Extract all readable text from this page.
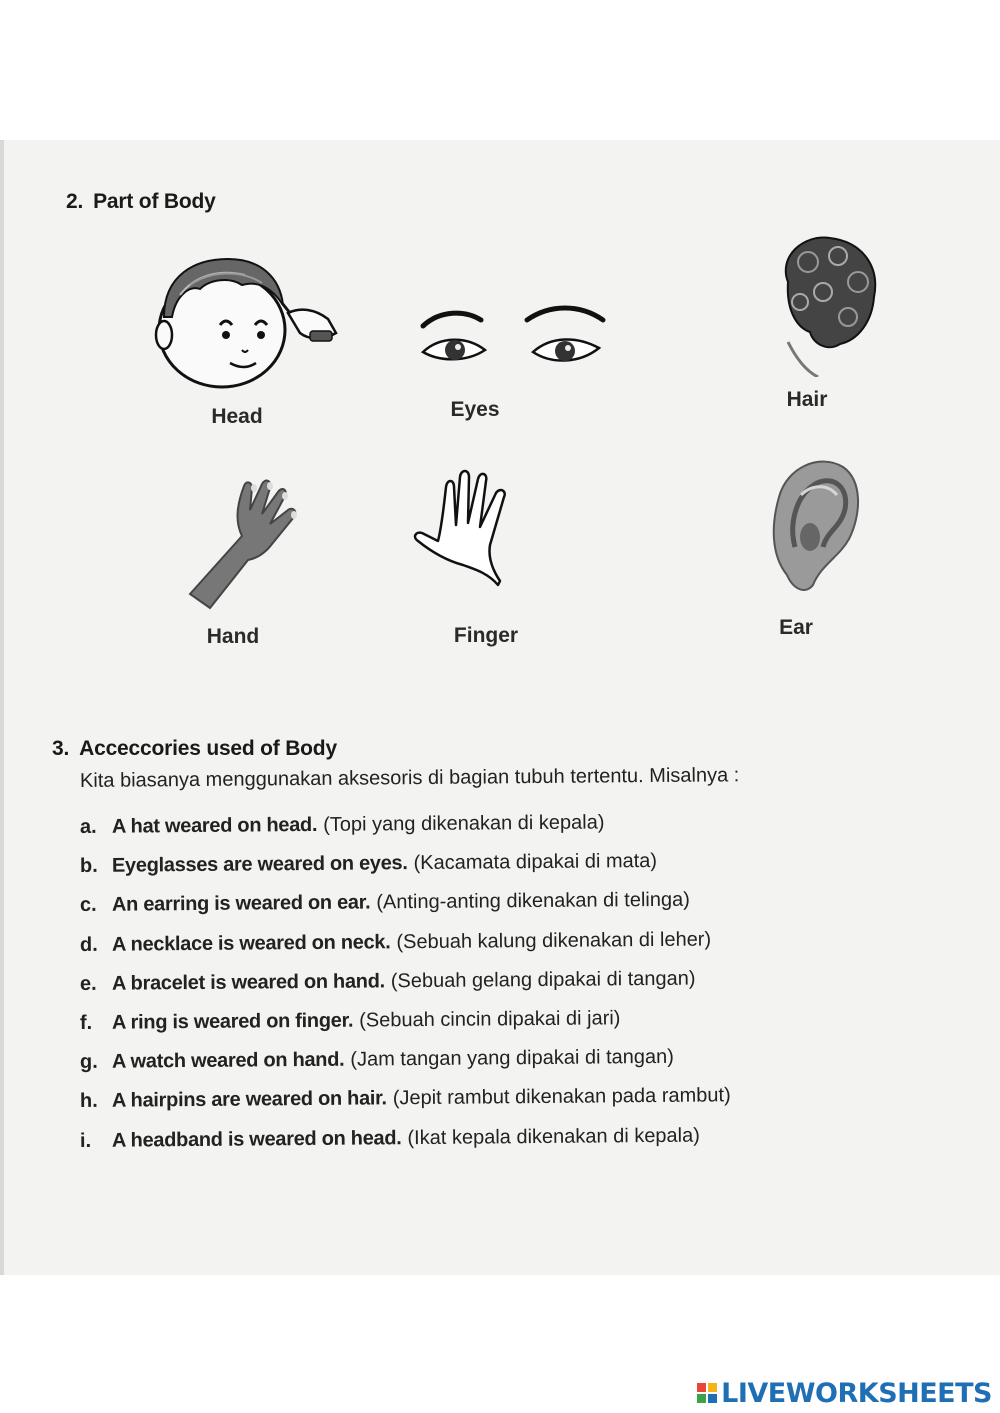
2. Part of Body
Head	Eyes	Hair
Hand	Finger	Ear
3. Acceccories used of Body
Kita biasanya menggunakan aksesoris di bagian tubuh tertentu. Misalnya :
a. A hat weared on head. (Topi yang dikenakan di kepala)
b. Eyeglasses are weared on eyes. (Kacamata dipakai di mata)
c. An earring is weared on ear. (Anting-anting dikenakan di telinga)
d. A necklace is weared on neck. (Sebuah kalung dikenakan di leher)
e. A bracelet is weared on hand. (Sebuah gelang dipakai di tangan)
f. A ring is weared on finger. (Sebuah cincin dipakai di jari)
g. A watch weared on hand. (Jam tangan yang dipakai di tangan)
h. A hairpins are weared on hair. (Jepit rambut dikenakan pada rambut)
i. A headband is weared on head. (Ikat kepala dikenakan di kepala)
LIVEWORKSHEETS
